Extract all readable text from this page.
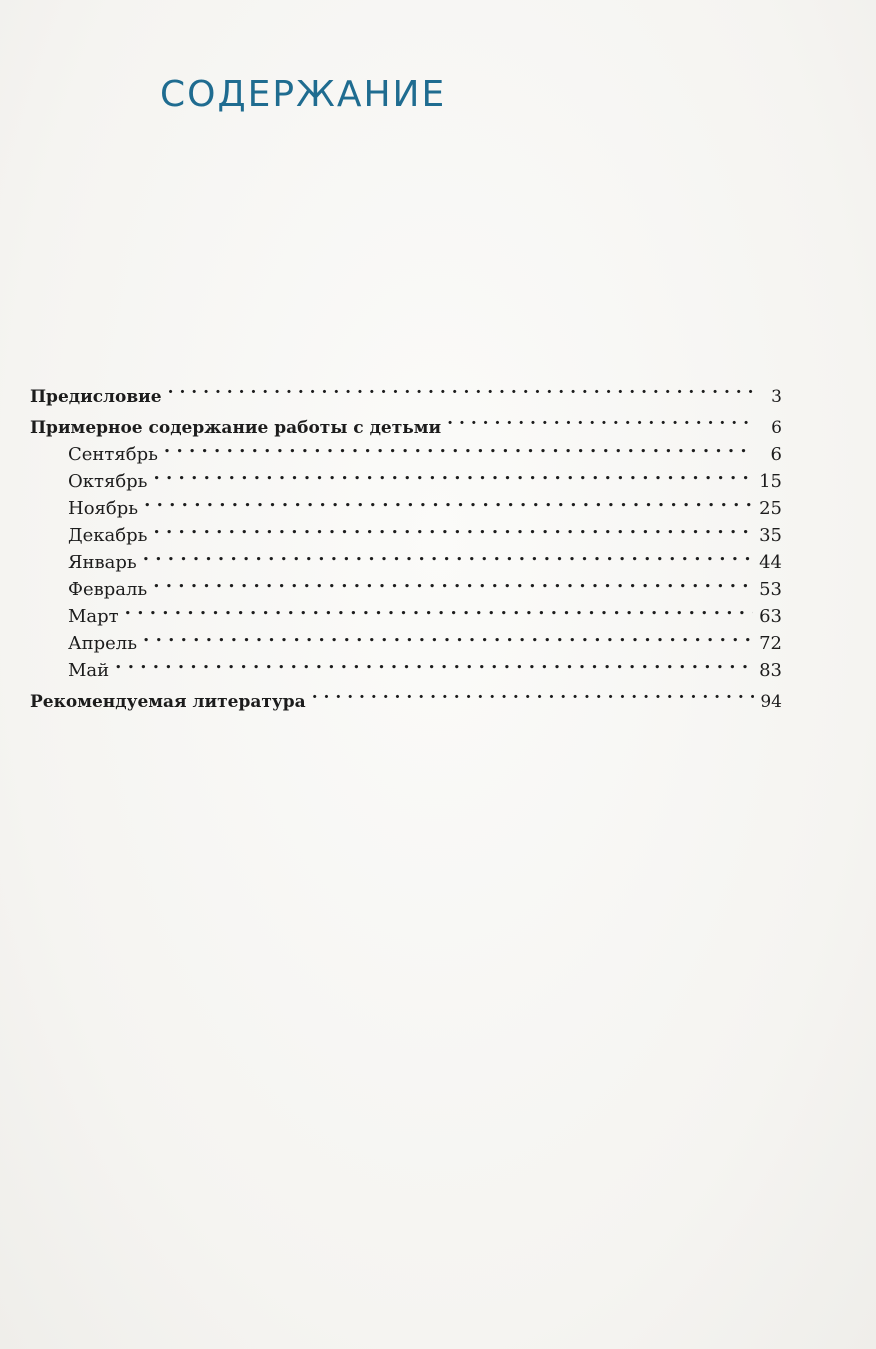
СОДЕРЖАНИЕ
Предисловие . . .	3
Примерное содержание работы с детьми . . .	6
Сентябрь . . .	6
Октябрь . . .	15
Ноябрь . . .	25
Декабрь . . .	35
Январь . . .	44
Февраль . . .	53
Март . . .	63
Апрель . . .	72
Май . . .	83
Рекомендуемая литература . . .	94
